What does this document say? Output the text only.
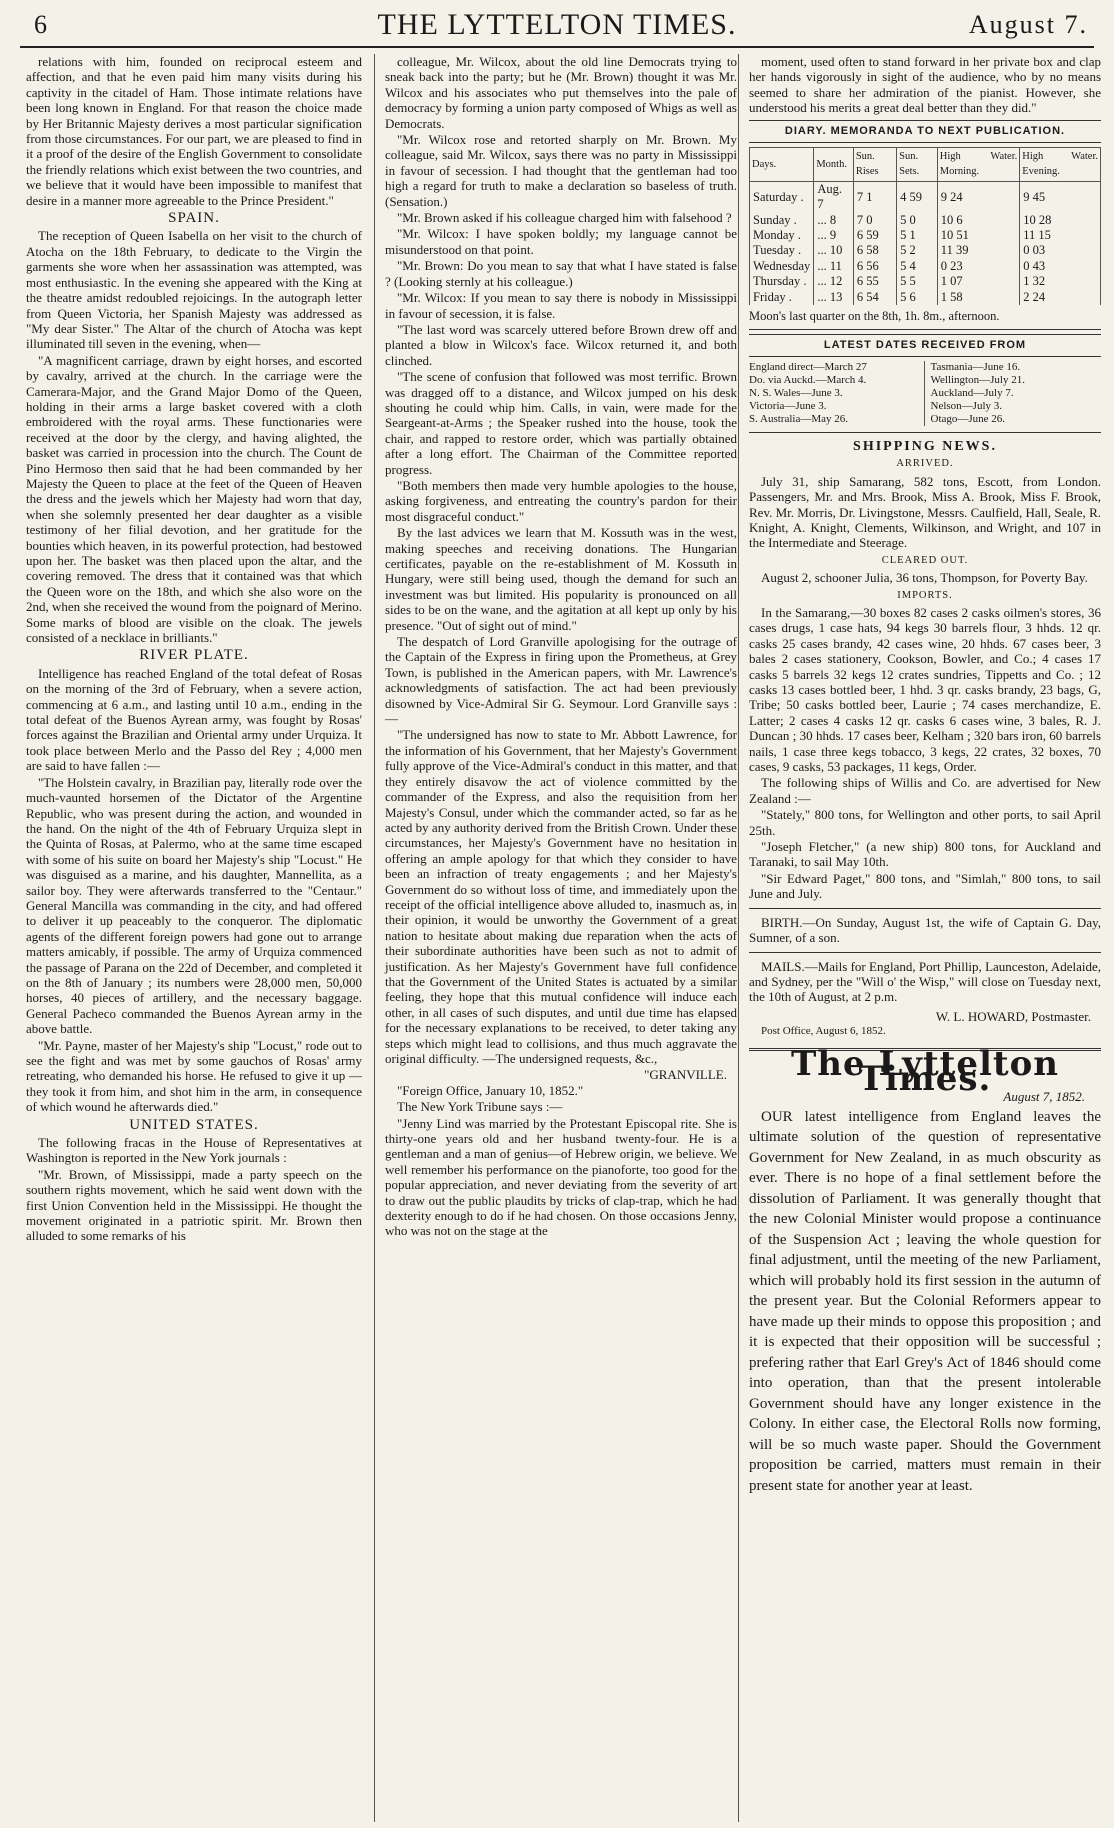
6	THE LYTTELTON TIMES.	August 7.

relations with him, founded on reciprocal esteem and affection, and that he even paid him many visits during his captivity in the citadel of Ham. Those intimate relations have been long known in England. For that reason the choice made by Her Britannic Majesty derives a most particular signification from those circumstances. For our part, we are pleased to find in it a proof of the desire of the English Government to consolidate the friendly relations which exist between the two countries, and we believe that it would have been impossible to manifest that desire in a manner more agreeable to the Prince President."

SPAIN.

The reception of Queen Isabella on her visit to the church of Atocha on the 18th February, to dedicate to the Virgin the garments she wore when her assassination was attempted, was most enthusiastic. In the evening she appeared with the King at the theatre amidst redoubled rejoicings. In the autograph letter from Queen Victoria, her Spanish Majesty was addressed as "My dear Sister." The Altar of the church of Atocha was kept illuminated till seven in the evening, when—

"A magnificent carriage, drawn by eight horses, and escorted by cavalry, arrived at the church. In the carriage were the Camerara-Major, and the Grand Major Domo of the Queen, holding in their arms a large basket covered with a cloth embroidered with the royal arms. These functionaries were received at the door by the clergy, and having alighted, the basket was carried in procession into the church. The Count de Pino Hermoso then said that he had been commanded by her Majesty the Queen to place at the feet of the Queen of Heaven the dress and the jewels which her Majesty had worn that day, when she solemnly presented her dear daughter as a visible testimony of her filial devotion, and her gratitude for the bounties which heaven, in its powerful protection, had bestowed upon her. The basket was then placed upon the altar, and the covering removed. The dress that it contained was that which the Queen wore on the 18th, and which she also wore on the 2nd, when she received the wound from the poignard of Merino. Some marks of blood are visible on the cloak. The jewels consisted of a necklace in brilliants."

RIVER PLATE.

Intelligence has reached England of the total defeat of Rosas on the morning of the 3rd of February, when a severe action, commencing at 6 a.m., and lasting until 10 a.m., ending in the total defeat of the Buenos Ayrean army, was fought by Rosas' forces against the Brazilian and Oriental army under Urquiza. It took place between Merlo and the Passo del Rey ; 4,000 men are said to have fallen :—

"The Holstein cavalry, in Brazilian pay, literally rode over the much-vaunted horsemen of the Dictator of the Argentine Republic, who was present during the action, and wounded in the hand. On the night of the 4th of February Urquiza slept in the Quinta of Rosas, at Palermo, who at the same time escaped with some of his suite on board her Majesty's ship "Locust." He was disguised as a marine, and his daughter, Mannellita, as a sailor boy. They were afterwards transferred to the "Centaur." General Mancilla was commanding in the city, and had offered to deliver it up peaceably to the conqueror. The diplomatic agents of the different foreign powers had gone out to arrange matters amicably, if possible. The army of Urquiza commenced the passage of Parana on the 22d of December, and completed it on the 8th of January ; its numbers were 28,000 men, 50,000 horses, 40 pieces of artillery, and the necessary baggage. General Pacheco commanded the Buenos Ayrean army in the above battle.

"Mr. Payne, master of her Majesty's ship "Locust," rode out to see the fight and was met by some gauchos of Rosas' army retreating, who demanded his horse. He refused to give it up —they took it from him, and shot him in the arm, in consequence of which wound he afterwards died."

UNITED STATES.

The following fracas in the House of Representatives at Washington is reported in the New York journals :

"Mr. Brown, of Mississippi, made a party speech on the southern rights movement, which he said went down with the first Union Convention held in the Mississippi. He thought the movement originated in a patriotic spirit. Mr. Brown then alluded to some remarks of his

colleague, Mr. Wilcox, about the old line Democrats trying to sneak back into the party; but he (Mr. Brown) thought it was Mr. Wilcox and his associates who put themselves into the pale of democracy by forming a union party composed of Whigs as well as Democrats.

"Mr. Wilcox rose and retorted sharply on Mr. Brown. My colleague, said Mr. Wilcox, says there was no party in Mississippi in favour of secession. I had thought that the gentleman had too high a regard for truth to make a declaration so baseless of truth. (Sensation.)

"Mr. Brown asked if his colleague charged him with falsehood ?

"Mr. Wilcox: I have spoken boldly; my language cannot be misunderstood on that point.

"Mr. Brown: Do you mean to say that what I have stated is false ? (Looking sternly at his colleague.)

"Mr. Wilcox: If you mean to say there is nobody in Mississippi in favour of secession, it is false.

"The last word was scarcely uttered before Brown drew off and planted a blow in Wilcox's face. Wilcox returned it, and both clinched.

"The scene of confusion that followed was most terrific. Brown was dragged off to a distance, and Wilcox jumped on his desk shouting he could whip him. Calls, in vain, were made for the Seargeant-at-Arms ; the Speaker rushed into the house, took the chair, and rapped to restore order, which was partially obtained after a long effort. The Chairman of the Committee reported progress.

"Both members then made very humble apologies to the house, asking forgiveness, and entreating the country's pardon for their most disgraceful conduct."

By the last advices we learn that M. Kossuth was in the west, making speeches and receiving donations. The Hungarian certificates, payable on the re-establishment of M. Kossuth in Hungary, were still being used, though the demand for such an investment was but limited. His popularity is pronounced on all sides to be on the wane, and the agitation at all kept up only by his presence. "Out of sight out of mind."

The despatch of Lord Granville apologising for the outrage of the Captain of the Express in firing upon the Prometheus, at Grey Town, is published in the American papers, with Mr. Lawrence's acknowledgments of satisfaction. The act had been previously disowned by Vice-Admiral Sir G. Seymour. Lord Granville says :—

"The undersigned has now to state to Mr. Abbott Lawrence, for the information of his Government, that her Majesty's Government fully approve of the Vice-Admiral's conduct in this matter, and that they entirely disavow the act of violence committed by the commander of the Express, and also the requisition from her Majesty's Consul, under which the commander acted, so far as he acted by any authority derived from the British Crown. Under these circumstances, her Majesty's Government have no hesitation in offering an ample apology for that which they consider to have been an infraction of treaty engagements ; and her Majesty's Government do so without loss of time, and immediately upon the receipt of the official intelligence above alluded to, inasmuch as, in their opinion, it would be unworthy the Government of a great nation to hesitate about making due reparation when the acts of their subordinate authorities have been such as not to admit of justification. As her Majesty's Government have full confidence that the Government of the United States is actuated by a similar feeling, they hope that this mutual confidence will induce each other, in all cases of such disputes, and until due time has elapsed for the necessary explanations to be received, to deter taking any steps which might lead to collisions, and thus much aggravate the original difficulty. —The undersigned requests, &c.,

"GRANVILLE.

"Foreign Office, January 10, 1852."

The New York Tribune says :—

"Jenny Lind was married by the Protestant Episcopal rite. She is thirty-one years old and her husband twenty-four. He is a gentleman and a man of genius—of Hebrew origin, we believe. We well remember his performance on the pianoforte, too good for the popular appreciation, and never deviating from the severity of art to draw out the public plaudits by tricks of clap-trap, which he had dexterity enough to do if he had chosen. On those occasions Jenny, who was not on the stage at the

moment, used often to stand forward in her private box and clap her hands vigorously in sight of the audience, who by no means seemed to share her admiration of the pianist. However, she understood his merits a great deal better than they did."

DIARY. MEMORANDA TO NEXT PUBLICATION.
Days.	Month.	Sun. Rises	Sun. Sets.	High Water. Morning.	High Water. Evening.
Saturday .	Aug. 7	7 1	4 59	9 24	9 45
Sunday .	... 8	7 0	5 0	10 6	10 28
Monday .	... 9	6 59	5 1	10 51	11 15
Tuesday .	... 10	6 58	5 2	11 39	0 03
Wednesday	... 11	6 56	5 4	0 23	0 43
Thursday .	... 12	6 55	5 5	1 07	1 32
Friday .	... 13	6 54	5 6	1 58	2 24
Moon's last quarter on the 8th, 1h. 8m., afternoon.
LATEST DATES RECEIVED FROM
England direct—March 27
Do. via Auckd.—March 4.
N. S. Wales—June 3.
Victoria—June 3.
S. Australia—May 26.
Tasmania—June 16.
Wellington—July 21.
Auckland—July 7.
Nelson—July 3.
Otago—June 26.
SHIPPING NEWS.
ARRIVED.

July 31, ship Samarang, 582 tons, Escott, from London. Passengers, Mr. and Mrs. Brook, Miss A. Brook, Miss F. Brook, Rev. Mr. Morris, Dr. Livingstone, Messrs. Caulfield, Hall, Seale, R. Knight, A. Knight, Clements, Wilkinson, and Wright, and 107 in the Intermediate and Steerage.

CLEARED OUT.

August 2, schooner Julia, 36 tons, Thompson, for Poverty Bay.

IMPORTS.

In the Samarang,—30 boxes 82 cases 2 casks oilmen's stores, 36 cases drugs, 1 case hats, 94 kegs 30 barrels flour, 3 hhds. 12 qr. casks 25 cases brandy, 42 cases wine, 20 hhds. 67 cases beer, 3 bales 2 cases stationery, Cookson, Bowler, and Co.; 4 cases 17 casks 5 barrels 32 kegs 12 crates sundries, Tippetts and Co. ; 12 casks 13 cases bottled beer, 1 hhd. 3 qr. casks brandy, 23 bags, G, Tribe; 50 casks bottled beer, Laurie ; 74 cases merchandize, E. Latter; 2 cases 4 casks 12 qr. casks 6 cases wine, 3 bales, R. J. Duncan ; 30 hhds. 17 cases beer, Kelham ; 320 bars iron, 60 barrels nails, 1 case three kegs tobacco, 3 kegs, 22 crates, 32 boxes, 70 cases, 9 casks, 53 packages, 11 kegs, Order.

The following ships of Willis and Co. are advertised for New Zealand :—

"Stately," 800 tons, for Wellington and other ports, to sail April 25th.

"Joseph Fletcher," (a new ship) 800 tons, for Auckland and Taranaki, to sail May 10th.

"Sir Edward Paget," 800 tons, and "Simlah," 800 tons, to sail June and July.

BIRTH.—On Sunday, August 1st, the wife of Captain G. Day, Sumner, of a son.

MAILS.—Mails for England, Port Phillip, Launceston, Adelaide, and Sydney, per the "Will o' the Wisp," will close on Tuesday next, the 10th of August, at 2 p.m.

W. L. HOWARD, Postmaster.
Post Office, August 6, 1852.
The Lyttelton Times. August 7, 1852.

OUR latest intelligence from England leaves the ultimate solution of the question of representative Government for New Zealand, in as much obscurity as ever. There is no hope of a final settlement before the dissolution of Parliament. It was generally thought that the new Colonial Minister would propose a continuance of the Suspension Act ; leaving the whole question for final adjustment, until the meeting of the new Parliament, which will probably hold its first session in the autumn of the present year. But the Colonial Reformers appear to have made up their minds to oppose this proposition ; and it is expected that their opposition will be successful ; prefering rather that Earl Grey's Act of 1846 should come into operation, than that the present intolerable Government should have any longer existence in the Colony. In either case, the Electoral Rolls now forming, will be so much waste paper. Should the Government proposition be carried, matters must remain in their present state for another year at least.
